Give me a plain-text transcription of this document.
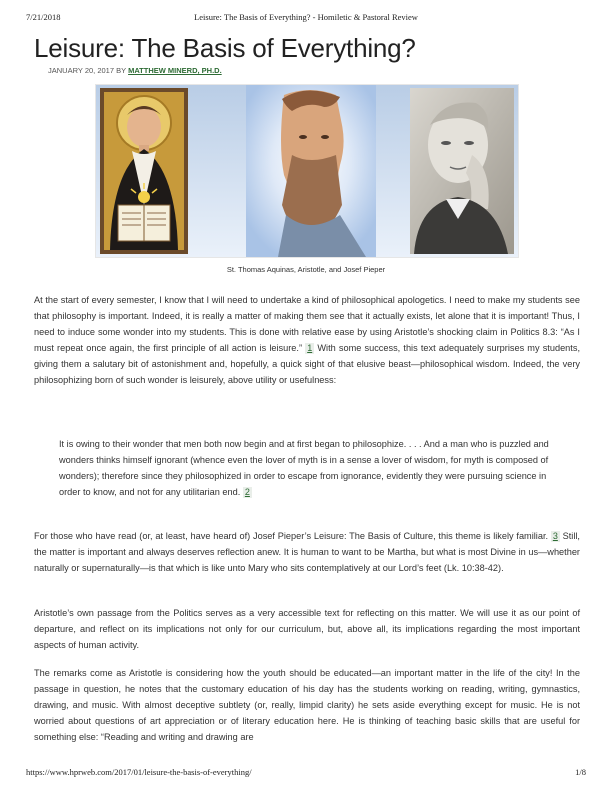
7/21/2018	Leisure: The Basis of Everything? - Homiletic & Pastoral Review
Leisure: The Basis of Everything?
JANUARY 20, 2017 BY MATTHEW MINERD, PH.D.
St. Thomas Aquinas, Aristotle, and Josef Pieper

At the start of every semester, I know that I will need to undertake a kind of philosophical apologetics. I need to make my students see that philosophy is important. Indeed, it is really a matter of making them see that it actually exists, let alone that it is important! Thus, I need to induce some wonder into my students. This is done with relative ease by using Aristotle’s shocking claim in Politics 8.3: “As I must repeat once again, the first principle of all action is leisure.” 1 With some success, this text adequately surprises my students, giving them a salutary bit of astonishment and, hopefully, a quick sight of that elusive beast—philosophical wisdom. Indeed, the very philosophizing born of such wonder is leisurely, above utility or usefulness:

It is owing to their wonder that men both now begin and at first began to philosophize. . . . And a man who is puzzled and wonders thinks himself ignorant (whence even the lover of myth is in a sense a lover of wisdom, for myth is composed of wonders); therefore since they philosophized in order to escape from ignorance, evidently they were pursuing science in order to know, and not for any utilitarian end. 2

For those who have read (or, at least, have heard of) Josef Pieper’s Leisure: The Basis of Culture, this theme is likely familiar. 3 Still, the matter is important and always deserves reflection anew. It is human to want to be Martha, but what is most Divine in us—whether naturally or supernaturally—is that which is like unto Mary who sits contemplatively at our Lord’s feet (Lk. 10:38-42).

Aristotle’s own passage from the Politics serves as a very accessible text for reflecting on this matter. We will use it as our point of departure, and reflect on its implications not only for our curriculum, but, above all, its implications regarding the most important aspects of human activity.

The remarks come as Aristotle is considering how the youth should be educated—an important matter in the life of the city! In the passage in question, he notes that the customary education of his day has the students working on reading, writing, gymnastics, drawing, and music. With almost deceptive subtlety (or, really, limpid clarity) he sets aside everything except for music. He is not worried about questions of art appreciation or of literary education here. He is thinking of teaching basic skills that are useful for something else: “Reading and writing and drawing are

https://www.hprweb.com/2017/01/leisure-the-basis-of-everything/	1/8
